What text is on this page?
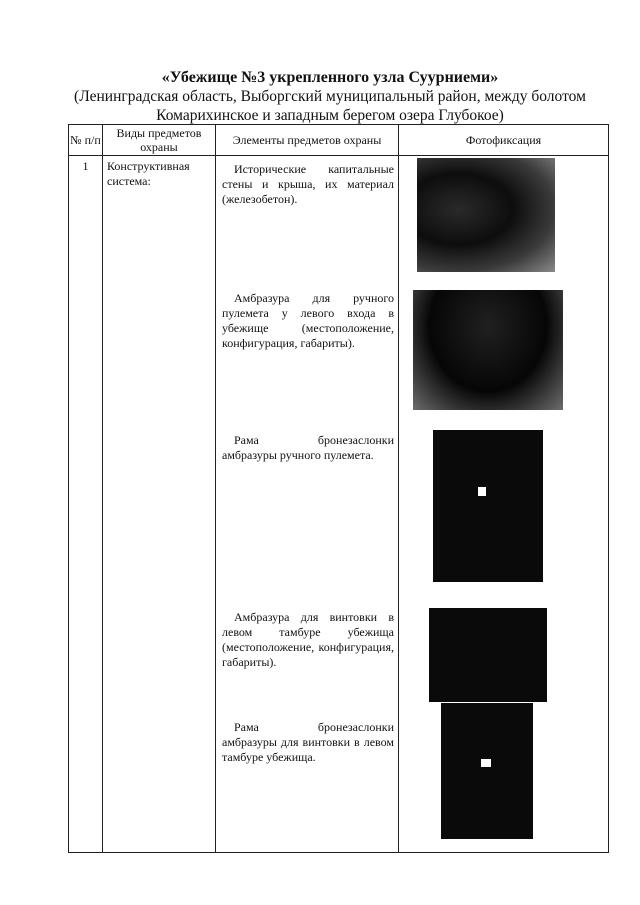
«Убежище №3 укрепленного узла Суурниеми»
(Ленинградская область, Выборгский муниципальный район, между болотом
Комарихинское и западным берегом озера Глубокое)
№ п/п	Виды предметов охраны	Элементы предметов охраны	Фотофиксация
1	Конструктивная система:	Исторические капитальные стены и крыша, их материал (железобетон).
Амбразура для ручного пулемета у левого входа в убежище (местоположение, конфигурация, габариты).
Рама бронезаслонки амбразуры ручного пулемета.
Амбразура для винтовки в левом тамбуре убежища (местоположение, конфигурация, габариты).
Рама бронезаслонки амбразуры для винтовки в левом тамбуре убежища.	
